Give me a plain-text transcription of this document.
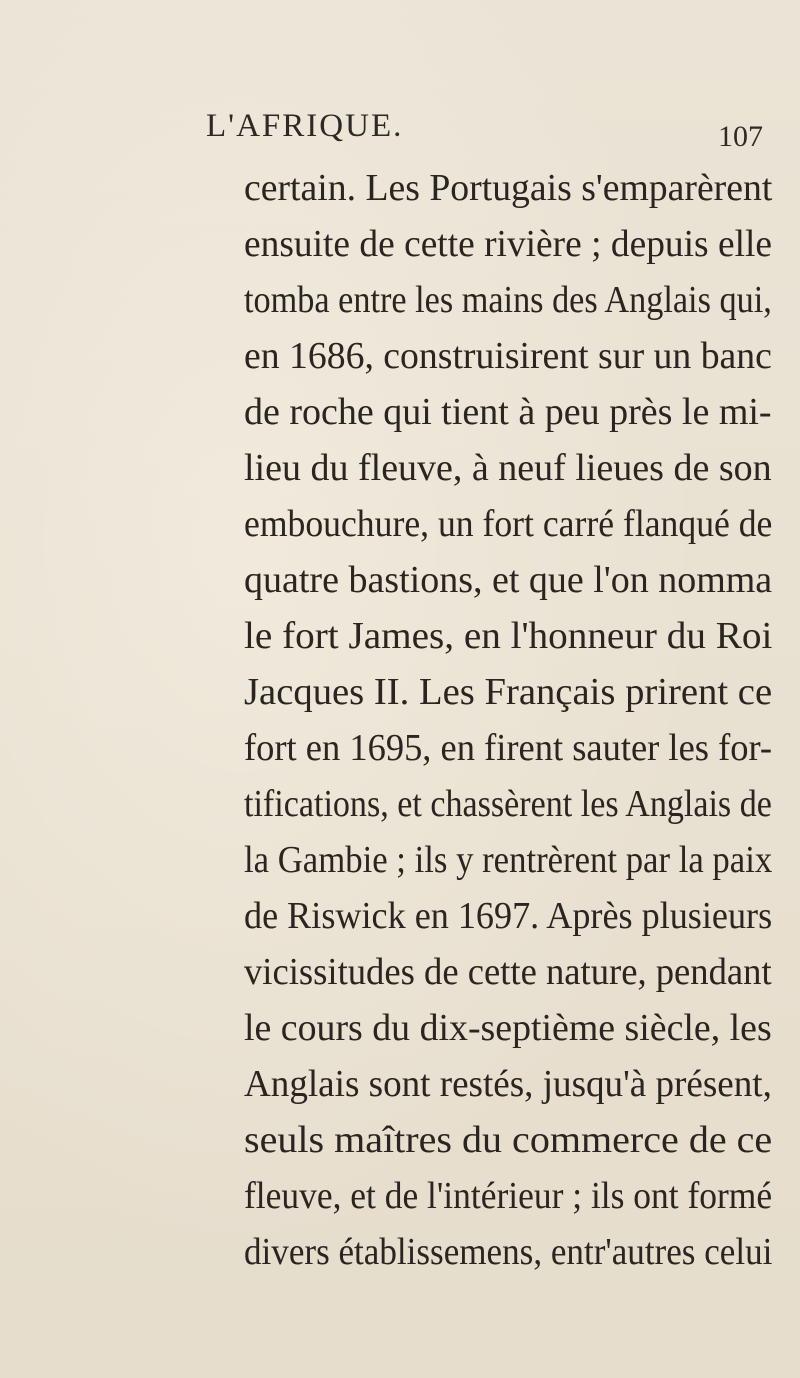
L'AFRIQUE.	107
certain. Les Portugais s'emparèrent
ensuite de cette rivière ; depuis elle
tomba entre les mains des Anglais qui,
en 1686, construisirent sur un banc
de roche qui tient à peu près le mi-
lieu du fleuve, à neuf lieues de son
embouchure, un fort carré flanqué de
quatre bastions, et que l'on nomma
le fort James, en l'honneur du Roi
Jacques II. Les Français prirent ce
fort en 1695, en firent sauter les for-
tifications, et chassèrent les Anglais de
la Gambie ; ils y rentrèrent par la paix
de Riswick en 1697. Après plusieurs
vicissitudes de cette nature, pendant
le cours du dix-septième siècle, les
Anglais sont restés, jusqu'à présent,
seuls maîtres du commerce de ce
fleuve, et de l'intérieur ; ils ont formé
divers établissemens, entr'autres celui
